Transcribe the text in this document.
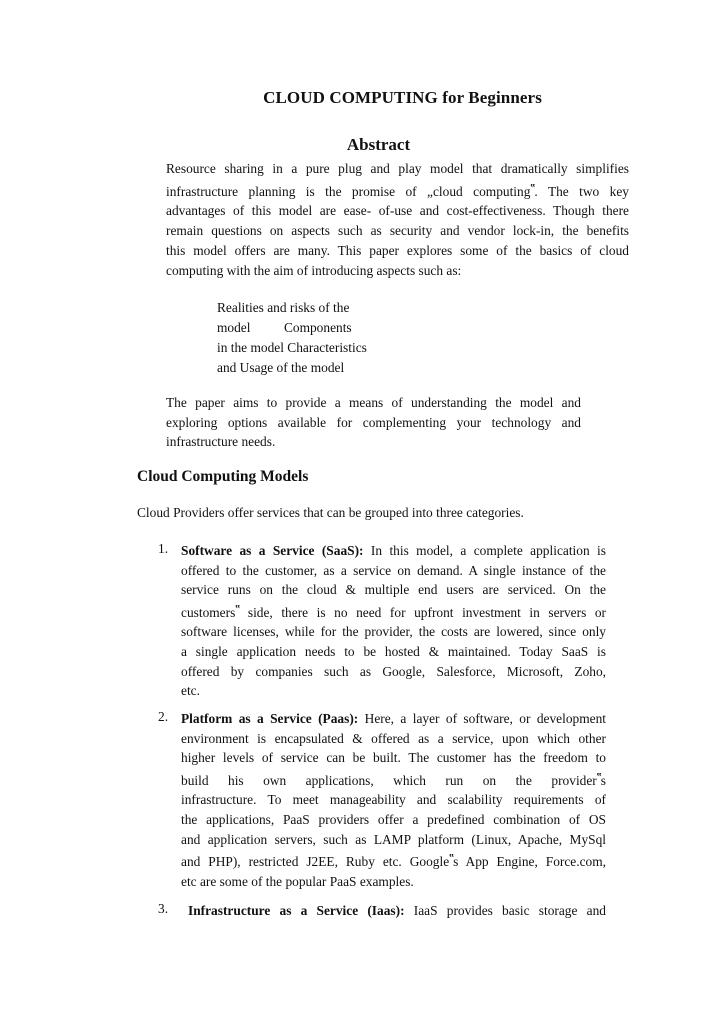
CLOUD COMPUTING for Beginners
Abstract
Resource sharing in a pure plug and play model that dramatically simplifies
infrastructure planning is the promise of „cloud computing‟. The two key
advantages of this model are ease- of-use and cost-effectiveness. Though there
remain questions on aspects such as security and vendor lock-in, the benefits
this model offers are many. This paper explores some of the basics of cloud
computing with the aim of introducing aspects such as:
Realities and risks of the
model          Components
in the model Characteristics
and Usage of the model
The paper aims to provide a means of understanding the model and
exploring options available for complementing your technology and
infrastructure needs.
Cloud Computing Models
Cloud Providers offer services that can be grouped into three categories.
1. Software as a Service (SaaS): In this model, a complete application is
offered to the customer, as a service on demand. A single instance of the
service runs on the cloud & multiple end users are serviced. On the
customers‟ side, there is no need for upfront investment in servers or
software licenses, while for the provider, the costs are lowered, since only
a single application needs to be hosted & maintained. Today SaaS is
offered by companies such as Google, Salesforce, Microsoft, Zoho,
etc.
2. Platform as a Service (Paas): Here, a layer of software, or development
environment is encapsulated & offered as a service, upon which other
higher levels of service can be built. The customer has the freedom to
build his own applications, which run on the provider‟s
infrastructure. To meet manageability and scalability requirements of
the applications, PaaS providers offer a predefined combination of OS
and application servers, such as LAMP platform (Linux, Apache, MySql
and PHP), restricted J2EE, Ruby etc. Google‟s App Engine, Force.com,
etc are some of the popular PaaS examples.
3. Infrastructure as a Service (Iaas): IaaS provides basic storage and
